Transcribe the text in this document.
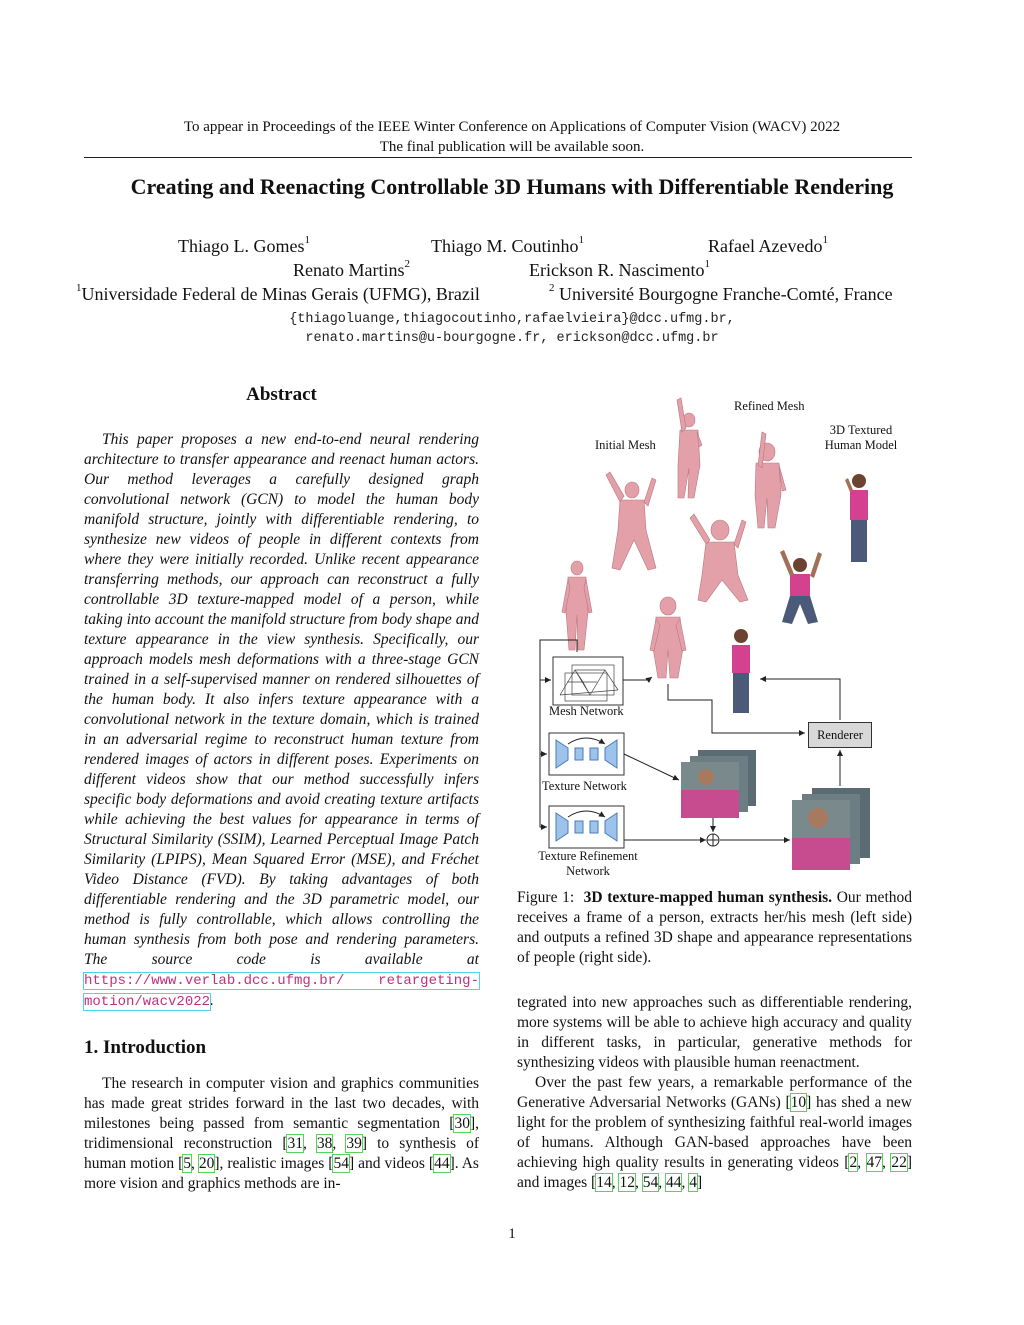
To appear in Proceedings of the IEEE Winter Conference on Applications of Computer Vision (WACV) 2022
The final publication will be available soon.
Creating and Reenacting Controllable 3D Humans with Differentiable Rendering
Thiago L. Gomes$^1$	Thiago M. Coutinho$^1$	Rafael Azevedo$^1$
Renato Martins$^2$	Erickson R. Nascimento$^1$
$^1$Universidade Federal de Minas Gerais (UFMG), Brazil	$^2$ Université Bourgogne Franche-Comté, France
{thiagoluange,thiagocoutinho,rafaelvieira}@dcc.ufmg.br,
renato.martins@u-bourgogne.fr, erickson@dcc.ufmg.br
Abstract
This paper proposes a new end-to-end neural rendering architecture to transfer appearance and reenact human actors. Our method leverages a carefully designed graph convolutional network (GCN) to model the human body manifold structure, jointly with differentiable rendering, to synthesize new videos of people in different contexts from where they were initially recorded. Unlike recent appearance transferring methods, our approach can reconstruct a fully controllable 3D texture-mapped model of a person, while taking into account the manifold structure from body shape and texture appearance in the view synthesis. Specifically, our approach models mesh deformations with a three-stage GCN trained in a self-supervised manner on rendered silhouettes of the human body. It also infers texture appearance with a convolutional network in the texture domain, which is trained in an adversarial regime to reconstruct human texture from rendered images of actors in different poses. Experiments on different videos show that our method successfully infers specific body deformations and avoid creating texture artifacts while achieving the best values for appearance in terms of Structural Similarity (SSIM), Learned Perceptual Image Patch Similarity (LPIPS), Mean Squared Error (MSE), and Fréchet Video Distance (FVD). By taking advantages of both differentiable rendering and the 3D parametric model, our method is fully controllable, which allows controlling the human synthesis from both pose and rendering parameters. The source code is available at https://www.verlab.dcc.ufmg.br/ retargeting-motion/wacv2022.
1. Introduction
The research in computer vision and graphics communities has made great strides forward in the last two decades, with milestones being passed from semantic segmentation [30], tridimensional reconstruction [31, 38, 39] to synthesis of human motion [5, 20], realistic images [54] and videos [44]. As more vision and graphics methods are in-
Initial Mesh
Refined Mesh
3D Textured
Human Model
Mesh Network
Texture Network
Texture Refinement
Network
Renderer
Figure 1: 3D texture-mapped human synthesis. Our method receives a frame of a person, extracts her/his mesh (left side) and outputs a refined 3D shape and appearance representations of people (right side).

tegrated into new approaches such as differentiable rendering, more systems will be able to achieve high accuracy and quality in different tasks, in particular, generative methods for synthesizing videos with plausible human reenactment.

Over the past few years, a remarkable performance of the Generative Adversarial Networks (GANs) [10] has shed a new light for the problem of synthesizing faithful real-world images of humans. Although GAN-based approaches have been achieving high quality results in generating videos [2, 47, 22] and images [14, 12, 54, 44, 4]

1
